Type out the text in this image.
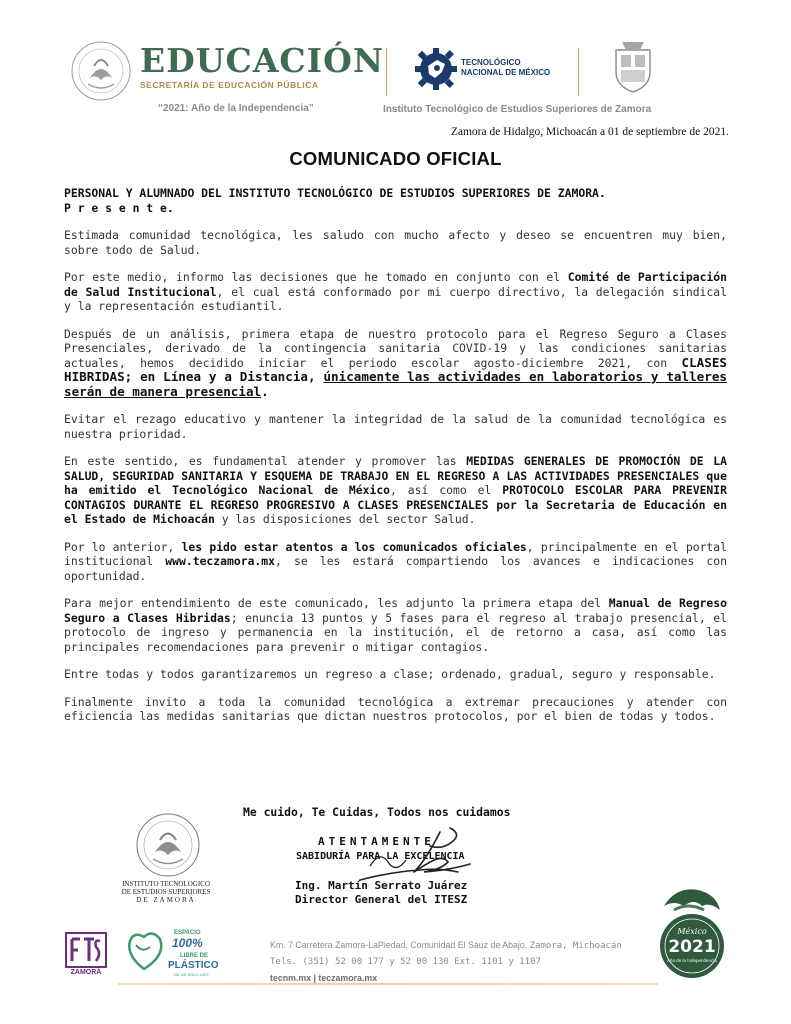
EDUCACIÓN
SECRETARÍA DE EDUCACIÓN PÚBLICA
TECNOLÓGICO
NACIONAL DE MÉXICO
“2021: Año de la Independencia”	Instituto Tecnológico de Estudios Superiores de Zamora
Zamora de Hidalgo, Michoacán a 01 de septiembre de 2021.
COMUNICADO OFICIAL
PERSONAL Y ALUMNADO DEL INSTITUTO TECNOLÓGICO DE ESTUDIOS SUPERIORES DE ZAMORA.
P r e s e n t e.

Estimada comunidad tecnológica, les saludo con mucho afecto y deseo se encuentren muy bien, sobre todo de Salud.

Por este medio, informo las decisiones que he tomado en conjunto con el Comité de Participación de Salud Institucional, el cual está conformado por mi cuerpo directivo, la delegación sindical y la representación estudiantil.

Después de un análisis, primera etapa de nuestro protocolo para el Regreso Seguro a Clases Presenciales, derivado de la contingencia sanitaria COVID-19 y las condiciones sanitarias actuales, hemos decidido iniciar el periodo escolar agosto-diciembre 2021, con CLASES HIBRIDAS; en Línea y a Distancia, únicamente las actividades en laboratorios y talleres serán de manera presencial.

Evitar el rezago educativo y mantener la integridad de la salud de la comunidad tecnológica es nuestra prioridad.

En este sentido, es fundamental atender y promover las MEDIDAS GENERALES DE PROMOCIÓN DE LA SALUD, SEGURIDAD SANITARIA Y ESQUEMA DE TRABAJO EN EL REGRESO A LAS ACTIVIDADES PRESENCIALES que ha emitido el Tecnológico Nacional de México, así como el PROTOCOLO ESCOLAR PARA PREVENIR CONTAGIOS DURANTE EL REGRESO PROGRESIVO A CLASES PRESENCIALES por la Secretaria de Educación en el Estado de Michoacán y las disposiciones del sector Salud.

Por lo anterior, les pido estar atentos a los comunicados oficiales, principalmente en el portal institucional www.teczamora.mx, se les estará compartiendo los avances e indicaciones con oportunidad.

Para mejor entendimiento de este comunicado, les adjunto la primera etapa del Manual de Regreso Seguro a Clases Hibridas; enuncia 13 puntos y 5 fases para el regreso al trabajo presencial, el protocolo de ingreso y permanencia en la institución, el de retorno a casa, así como las principales recomendaciones para prevenir o mitigar contagios.

Entre todas y todos garantizaremos un regreso a clase; ordenado, gradual, seguro y responsable.

Finalmente invito a toda la comunidad tecnológica a extremar precauciones y atender con eficiencia las medidas sanitarias que dictan nuestros protocolos, por el bien de todas y todos.

Me cuido, Te Cuidas, Todos nos cuidamos
INSTITUTO TECNOLOGICO
DE ESTUDIOS SUPERIORES
DE ZAMORA
ATENTAMENTE
SABIDURÍA PARA LA EXCELENCIA
Ing. Martín Serrato Juárez
Director General del ITESZ
ZAMORA
ESPACIO
100%
LIBRE DE
PLÁSTICO
DE UN SOLO USO
Km. 7 Carretera Zamora-LaPiedad, Comunidad El Sáuz de Abajo. Zamora, Michoacán
Tels. (351) 52 00 177 y 52 00 130 Ext. 1101 y 1107
tecnm.mx | teczamora.mx
México
2021
Año de la Independencia
